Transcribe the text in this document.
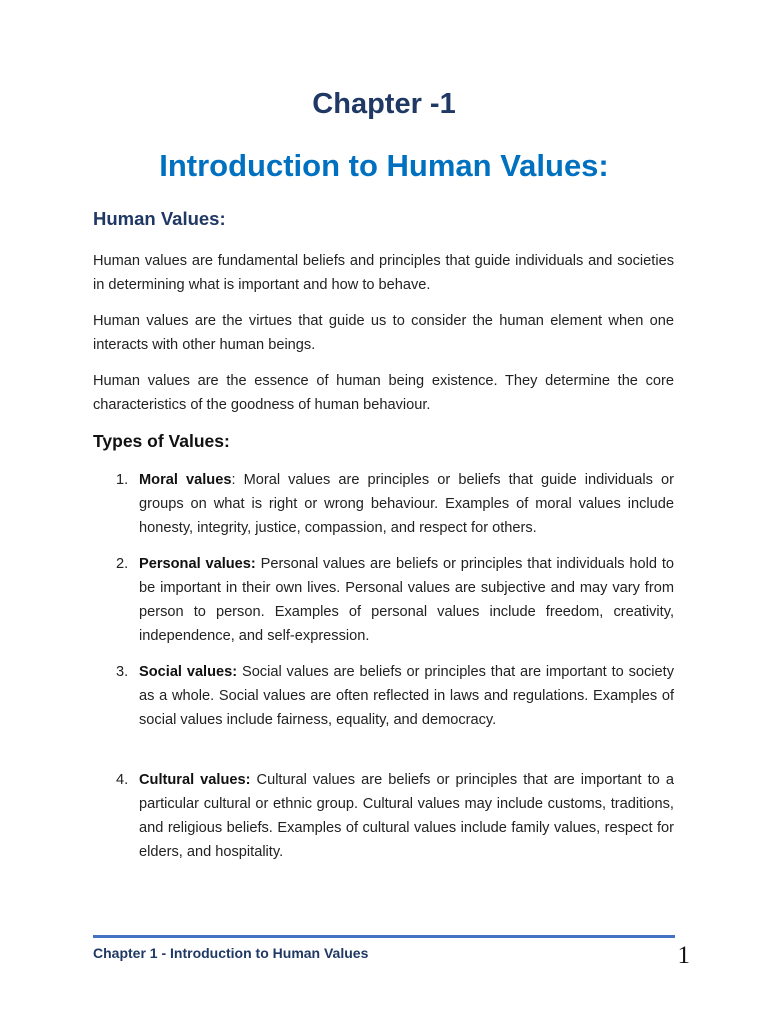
Chapter -1
Introduction to Human Values:
Human Values:
Human values are fundamental beliefs and principles that guide individuals and societies in determining what is important and how to behave.
Human values are the virtues that guide us to consider the human element when one interacts with other human beings.
Human values are the essence of human being existence. They determine the core characteristics of the goodness of human behaviour.
Types of Values:
1. Moral values: Moral values are principles or beliefs that guide individuals or groups on what is right or wrong behaviour. Examples of moral values include honesty, integrity, justice, compassion, and respect for others.
2. Personal values: Personal values are beliefs or principles that individuals hold to be important in their own lives. Personal values are subjective and may vary from person to person. Examples of personal values include freedom, creativity, independence, and self-expression.
3. Social values: Social values are beliefs or principles that are important to society as a whole. Social values are often reflected in laws and regulations. Examples of social values include fairness, equality, and democracy.
4. Cultural values: Cultural values are beliefs or principles that are important to a particular cultural or ethnic group. Cultural values may include customs, traditions, and religious beliefs. Examples of cultural values include family values, respect for elders, and hospitality.
Chapter 1 - Introduction to Human Values	1
